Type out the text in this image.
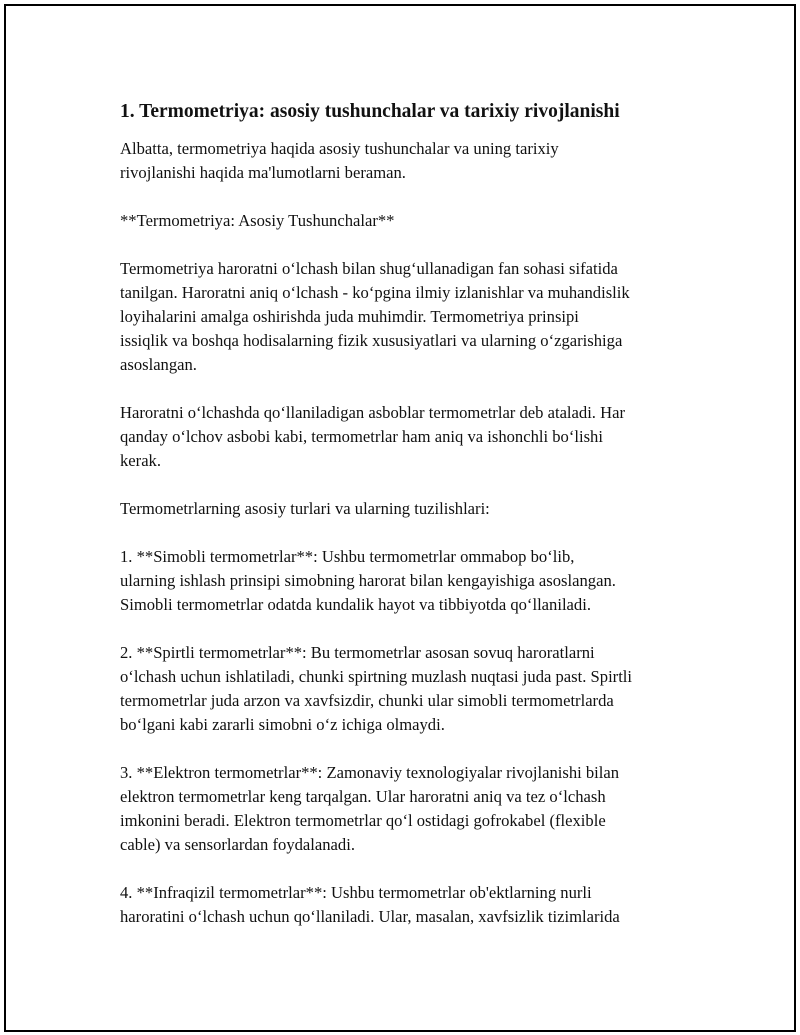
1. Termometriya: asosiy tushunchalar va tarixiy rivojlanishi

Albatta, termometriya haqida asosiy tushunchalar va uning tarixiy
rivojlanishi haqida ma'lumotlarni beraman.

**Termometriya: Asosiy Tushunchalar**

Termometriya haroratni o‘lchash bilan shug‘ullanadigan fan sohasi sifatida
tanilgan. Haroratni aniq o‘lchash - ko‘pgina ilmiy izlanishlar va muhandislik
loyihalarini amalga oshirishda juda muhimdir. Termometriya prinsipi
issiqlik va boshqa hodisalarning fizik xususiyatlari va ularning o‘zgarishiga
asoslangan.

Haroratni o‘lchashda qo‘llaniladigan asboblar termometrlar deb ataladi. Har
qanday o‘lchov asbobi kabi, termometrlar ham aniq va ishonchli bo‘lishi
kerak.

Termometrlarning asosiy turlari va ularning tuzilishlari:

1. **Simobli termometrlar**: Ushbu termometrlar ommabop bo‘lib,
ularning ishlash prinsipi simobning harorat bilan kengayishiga asoslangan.
Simobli termometrlar odatda kundalik hayot va tibbiyotda qo‘llaniladi.

2. **Spirtli termometrlar**: Bu termometrlar asosan sovuq haroratlarni
o‘lchash uchun ishlatiladi, chunki spirtning muzlash nuqtasi juda past. Spirtli
termometrlar juda arzon va xavfsizdir, chunki ular simobli termometrlarda
bo‘lgani kabi zararli simobni o‘z ichiga olmaydi.

3. **Elektron termometrlar**: Zamonaviy texnologiyalar rivojlanishi bilan
elektron termometrlar keng tarqalgan. Ular haroratni aniq va tez o‘lchash
imkonini beradi. Elektron termometrlar qo‘l ostidagi gofrokabel (flexible
cable) va sensorlardan foydalanadi.

4. **Infraqizil termometrlar**: Ushbu termometrlar ob'ektlarning nurli
haroratini o‘lchash uchun qo‘llaniladi. Ular, masalan, xavfsizlik tizimlarida
